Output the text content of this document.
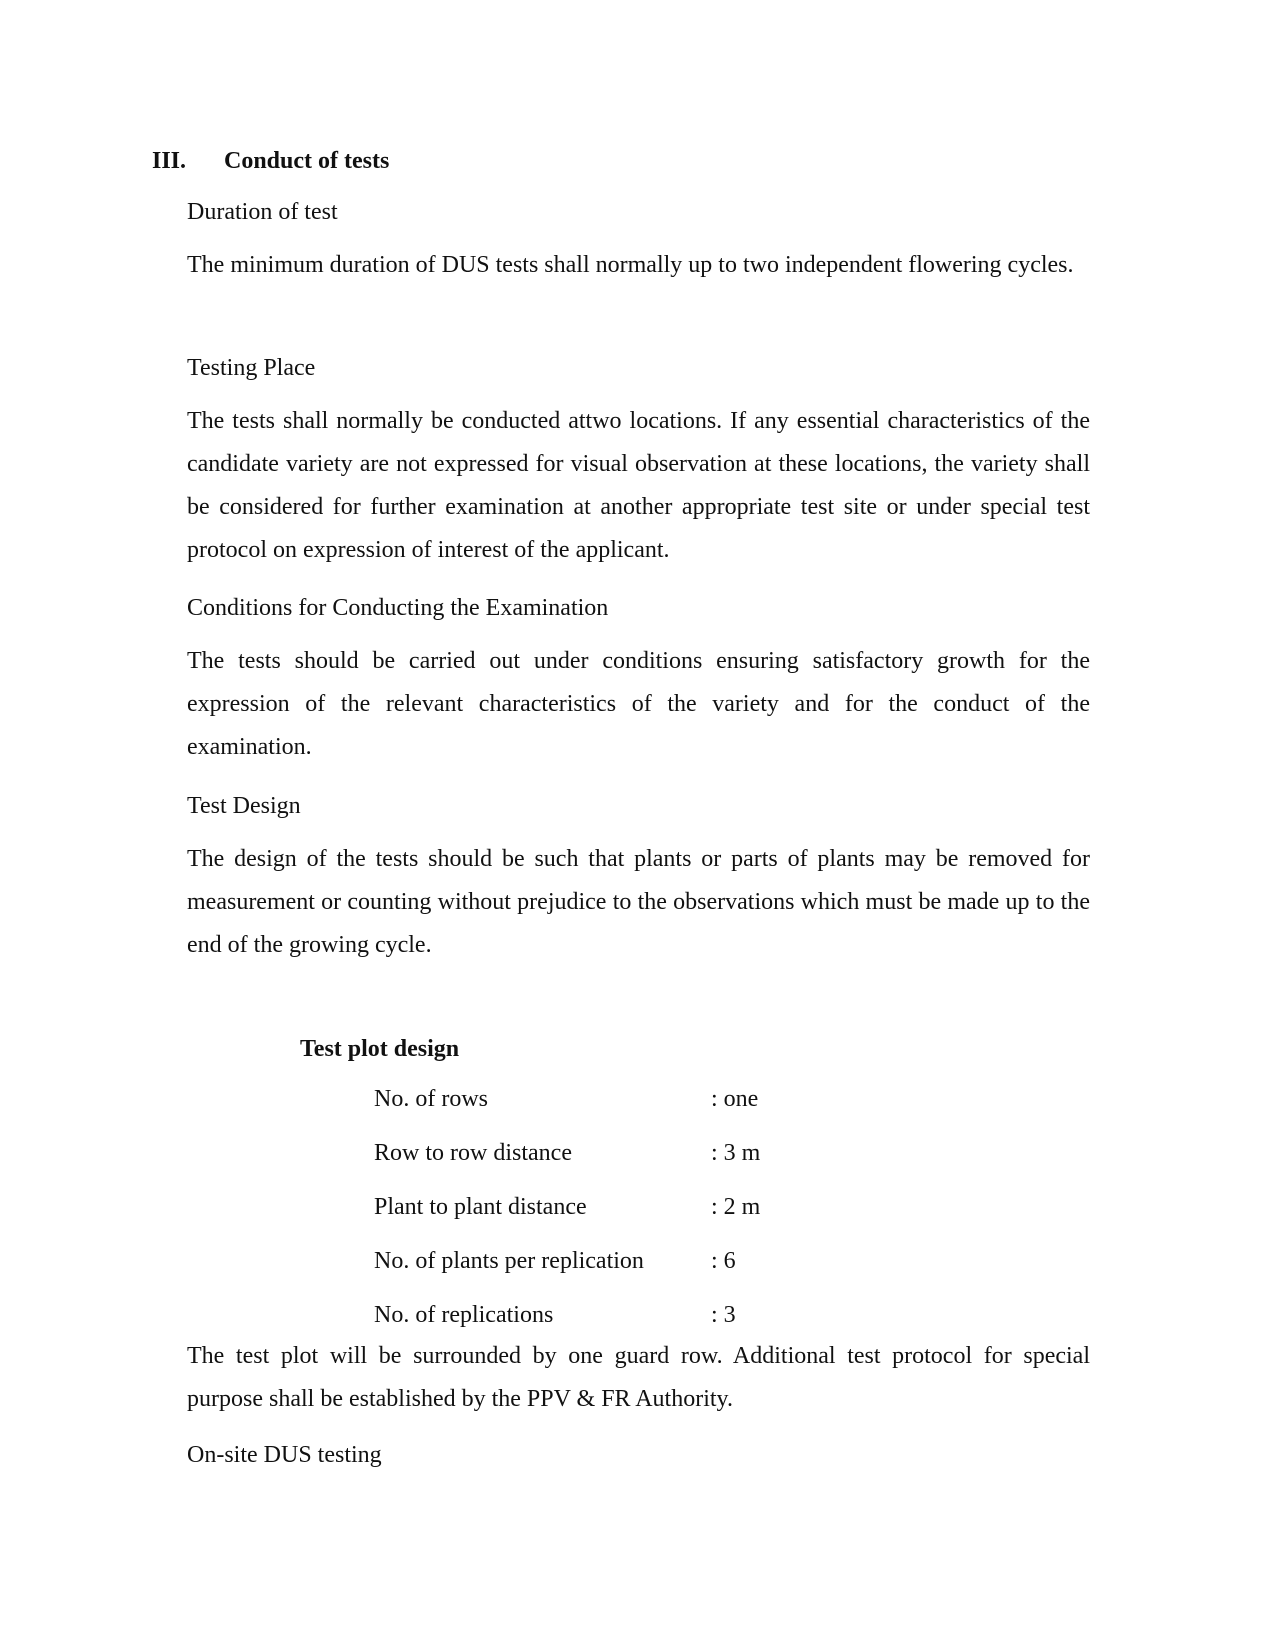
III. Conduct of tests
Duration of test

The minimum duration of DUS tests shall normally up to two independent flowering cycles.

Testing Place

The tests shall normally be conducted attwo locations. If any essential characteristics of the candidate variety are not expressed for visual observation at these locations, the variety shall be considered for further examination at another appropriate test site or under special test protocol on expression of interest of the applicant.

Conditions for Conducting the Examination

The tests should be carried out under conditions ensuring satisfactory growth for the expression of the relevant characteristics of the variety and for the conduct of the examination.

Test Design

The design of the tests should be such that plants or parts of plants may be removed for measurement or counting without prejudice to the observations which must be made up to the end of the growing cycle.

Test plot design
No. of rows	: one
Row to row distance	: 3 m
Plant to plant distance	: 2 m
No. of plants per replication	: 6
No. of replications	: 3

The test plot will be surrounded by one guard row. Additional test protocol for special purpose shall be established by the PPV & FR Authority.

On-site DUS testing
